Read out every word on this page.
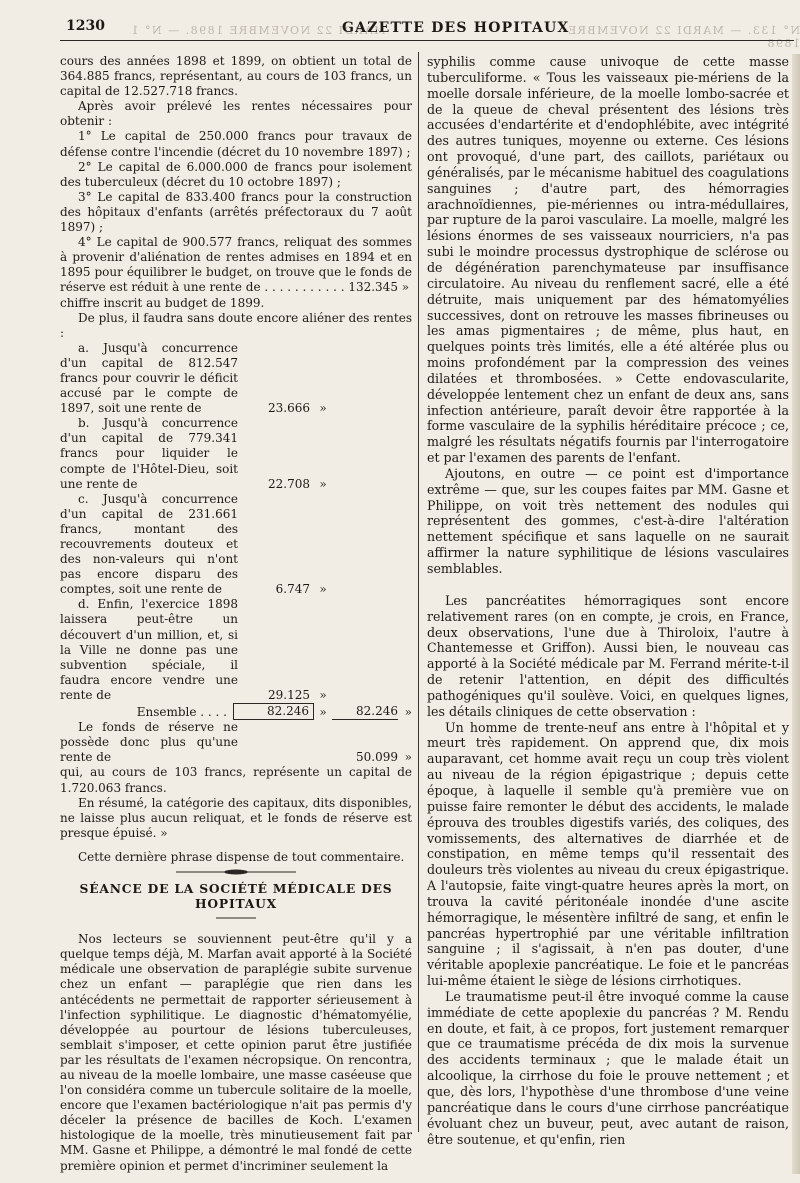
1230 MARDI 22 NOVEMBRE 1898. — N° 1
GAZETTE DES HOPITAUX
N° 133. — MARDI 22 NOVEMBRE 1898

cours des années 1898 et 1899, on obtient un total de 364.885 francs, représentant, au cours de 103 francs, un capital de 12.527.718 francs.

Après avoir prélevé les rentes nécessaires pour obtenir :

1° Le capital de 250.000 francs pour travaux de défense contre l'incendie (décret du 10 novembre 1897) ;

2° Le capital de 6.000.000 de francs pour isolement des tuberculeux (décret du 10 octobre 1897) ;

3° Le capital de 833.400 francs pour la construction des hôpitaux d'enfants (arrêtés préfectoraux du 7 août 1897) ;

4° Le capital de 900.577 francs, reliquat des sommes à provenir d'aliénation de rentes admises en 1894 et en 1895 pour équilibrer le budget, on trouve que le fonds de réserve est réduit à une rente de . . . . . . . . . . . 132.345 »

chiffre inscrit au budget de 1899.

De plus, il faudra sans doute encore aliéner des rentes :

a. Jusqu'à concurrence d'un capital de 812.547 francs pour couvrir le déficit accusé par le compte de 1897, soit une rente de	23.666 »

b. Jusqu'à concurrence d'un capital de 779.341 francs pour liquider le compte de l'Hôtel-Dieu, soit une rente de	22.708 »

c. Jusqu'à concurrence d'un capital de 231.661 francs, montant des recouvrements douteux et des non-valeurs qui n'ont pas encore disparu des comptes, soit une rente de	6.747 »

d. Enfin, l'exercice 1898 laissera peut-être un découvert d'un million, et, si la Ville ne donne pas une subvention spéciale, il faudra encore vendre une rente de	29.125 »

Ensemble . . . .	82.246 »	82.246 »

Le fonds de réserve ne possède donc plus qu'une rente de	50.099 »

qui, au cours de 103 francs, représente un capital de 1.720.063 francs.

En résumé, la catégorie des capitaux, dits disponibles, ne laisse plus aucun reliquat, et le fonds de réserve est presque épuisé. »

Cette dernière phrase dispense de tout commentaire.

SÉANCE DE LA SOCIÉTÉ MÉDICALE DES HOPITAUX

Nos lecteurs se souviennent peut-être qu'il y a quelque temps déjà, M. Marfan avait apporté à la Société médicale une observation de paraplégie subite survenue chez un enfant — paraplégie que rien dans les antécédents ne permettait de rapporter sérieusement à l'infection syphilitique. Le diagnostic d'hématomyélie, développée au pourtour de lésions tuberculeuses, semblait s'imposer, et cette opinion parut être justifiée par les résultats de l'examen nécropsique. On rencontra, au niveau de la moelle lombaire, une masse caséeuse que l'on considéra comme un tubercule solitaire de la moelle, encore que l'examen bactériologique n'ait pas permis d'y déceler la présence de bacilles de Koch. L'examen histologique de la moelle, très minutieusement fait par MM. Gasne et Philippe, a démontré le mal fondé de cette première opinion et permet d'incriminer seulement la

syphilis comme cause univoque de cette masse tuberculiforme. « Tous les vaisseaux pie-mériens de la moelle dorsale inférieure, de la moelle lombo-sacrée et de la queue de cheval présentent des lésions très accusées d'endartérite et d'endophlébite, avec intégrité des autres tuniques, moyenne ou externe. Ces lésions ont provoqué, d'une part, des caillots, pariétaux ou généralisés, par le mécanisme habituel des coagulations sanguines ; d'autre part, des hémorragies arachnoïdiennes, pie-mériennes ou intra-médullaires, par rupture de la paroi vasculaire. La moelle, malgré les lésions énormes de ses vaisseaux nourriciers, n'a pas subi le moindre processus dystrophique de sclérose ou de dégénération parenchymateuse par insuffisance circulatoire. Au niveau du renflement sacré, elle a été détruite, mais uniquement par des hématomyélies successives, dont on retrouve les masses fibrineuses ou les amas pigmentaires ; de même, plus haut, en quelques points très limités, elle a été altérée plus ou moins profondément par la compression des veines dilatées et thrombosées. » Cette endovascularite, développée lentement chez un enfant de deux ans, sans infection antérieure, paraît devoir être rapportée à la forme vasculaire de la syphilis héréditaire précoce ; ce, malgré les résultats négatifs fournis par l'interrogatoire et par l'examen des parents de l'enfant.

Ajoutons, en outre — ce point est d'importance extrême — que, sur les coupes faites par MM. Gasne et Philippe, on voit très nettement des nodules qui représentent des gommes, c'est-à-dire l'altération nettement spécifique et sans laquelle on ne saurait affirmer la nature syphilitique de lésions vasculaires semblables.

Les pancréatites hémorragiques sont encore relativement rares (on en compte, je crois, en France, deux observations, l'une due à Thiroloix, l'autre à Chantemesse et Griffon). Aussi bien, le nouveau cas apporté à la Société médicale par M. Ferrand mérite-t-il de retenir l'attention, en dépit des difficultés pathogéniques qu'il soulève. Voici, en quelques lignes, les détails cliniques de cette observation :

Un homme de trente-neuf ans entre à l'hôpital et y meurt très rapidement. On apprend que, dix mois auparavant, cet homme avait reçu un coup très violent au niveau de la région épigastrique ; depuis cette époque, à laquelle il semble qu'à première vue on puisse faire remonter le début des accidents, le malade éprouva des troubles digestifs variés, des coliques, des vomissements, des alternatives de diarrhée et de constipation, en même temps qu'il ressentait des douleurs très violentes au niveau du creux épigastrique. A l'autopsie, faite vingt-quatre heures après la mort, on trouva la cavité péritonéale inondée d'une ascite hémorragique, le mésentère infiltré de sang, et enfin le pancréas hypertrophié par une véritable infiltration sanguine ; il s'agissait, à n'en pas douter, d'une véritable apoplexie pancréatique. Le foie et le pancréas lui-même étaient le siège de lésions cirrhotiques.

Le traumatisme peut-il être invoqué comme la cause immédiate de cette apoplexie du pancréas ? M. Rendu en doute, et fait, à ce propos, fort justement remarquer que ce traumatisme précéda de dix mois la survenue des accidents terminaux ; que le malade était un alcoolique, la cirrhose du foie le prouve nettement ; et que, dès lors, l'hypothèse d'une thrombose d'une veine pancréatique dans le cours d'une cirrhose pancréatique évoluant chez un buveur, peut, avec autant de raison, être soutenue, et qu'enfin, rien
